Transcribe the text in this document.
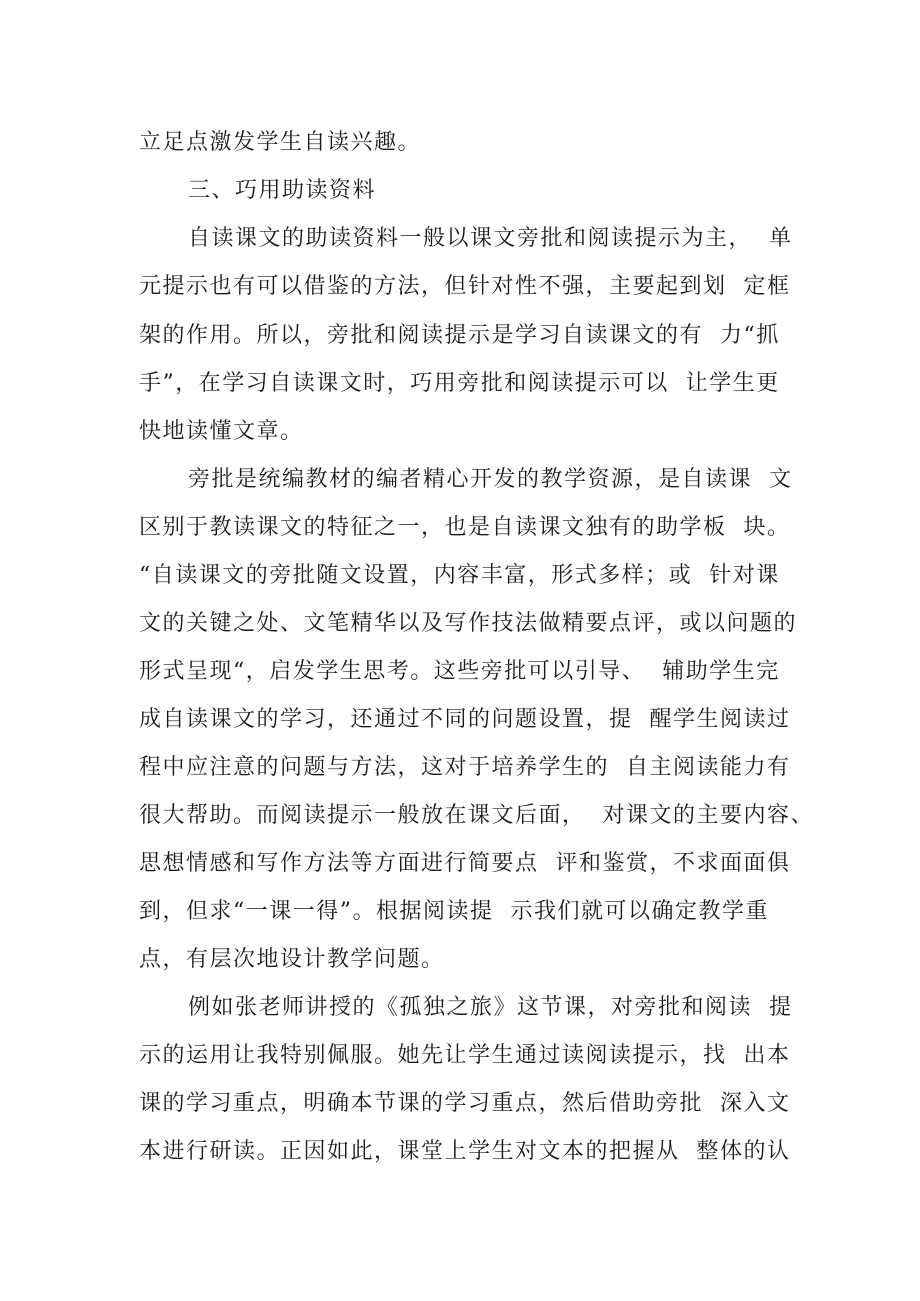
立足点激发学生自读兴趣。
三、巧用助读资料
自读课文的助读资料一般以课文旁批和阅读提示为主，  单
元提示也有可以借鉴的方法，但针对性不强，主要起到划  定框
架的作用。所以，旁批和阅读提示是学习自读课文的有  力“抓
手”，在学习自读课文时，巧用旁批和阅读提示可以  让学生更
快地读懂文章。
旁批是统编教材的编者精心开发的教学资源，是自读课  文
区别于教读课文的特征之一，也是自读课文独有的助学板  块。
“自读课文的旁批随文设置，内容丰富，形式多样；或  针对课
文的关键之处、文笔精华以及写作技法做精要点评，或以问题的
形式呈现“，启发学生思考。这些旁批可以引导、  辅助学生完
成自读课文的学习，还通过不同的问题设置，提  醒学生阅读过
程中应注意的问题与方法，这对于培养学生的  自主阅读能力有
很大帮助。而阅读提示一般放在课文后面，  对课文的主要内容、
思想情感和写作方法等方面进行简要点  评和鉴赏，不求面面俱
到，但求“一课一得”。根据阅读提  示我们就可以确定教学重
点，有层次地设计教学问题。
例如张老师讲授的《孤独之旅》这节课，对旁批和阅读  提
示的运用让我特别佩服。她先让学生通过读阅读提示，找  出本
课的学习重点，明确本节课的学习重点，然后借助旁批  深入文
本进行研读。正因如此，课堂上学生对文本的把握从  整体的认
